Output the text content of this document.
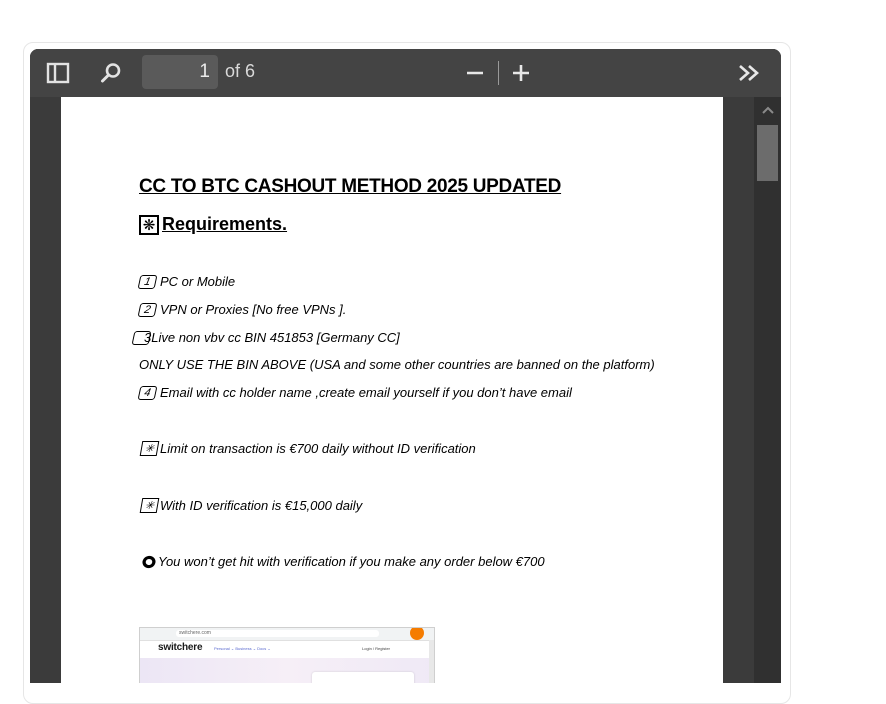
1
of 6
CC TO BTC CASHOUT METHOD 2025 UPDATED
❋ Requirements.
1 PC or Mobile
2 VPN or Proxies [No free VPNs ].
3 Live non vbv cc BIN 451853 [Germany CC]
ONLY USE THE BIN ABOVE (USA and some other countries are banned on the platform)
4 Email with cc holder name ,create email yourself if you don’t have email
✳ Limit on transaction is €700 daily without ID verification
✳ With ID verification is €15,000 daily
You won’t get hit with verification if you make any order below €700
switchere.com
switchere	Personal ⌄ Business ⌄ Docs ⌄	Login / Register
